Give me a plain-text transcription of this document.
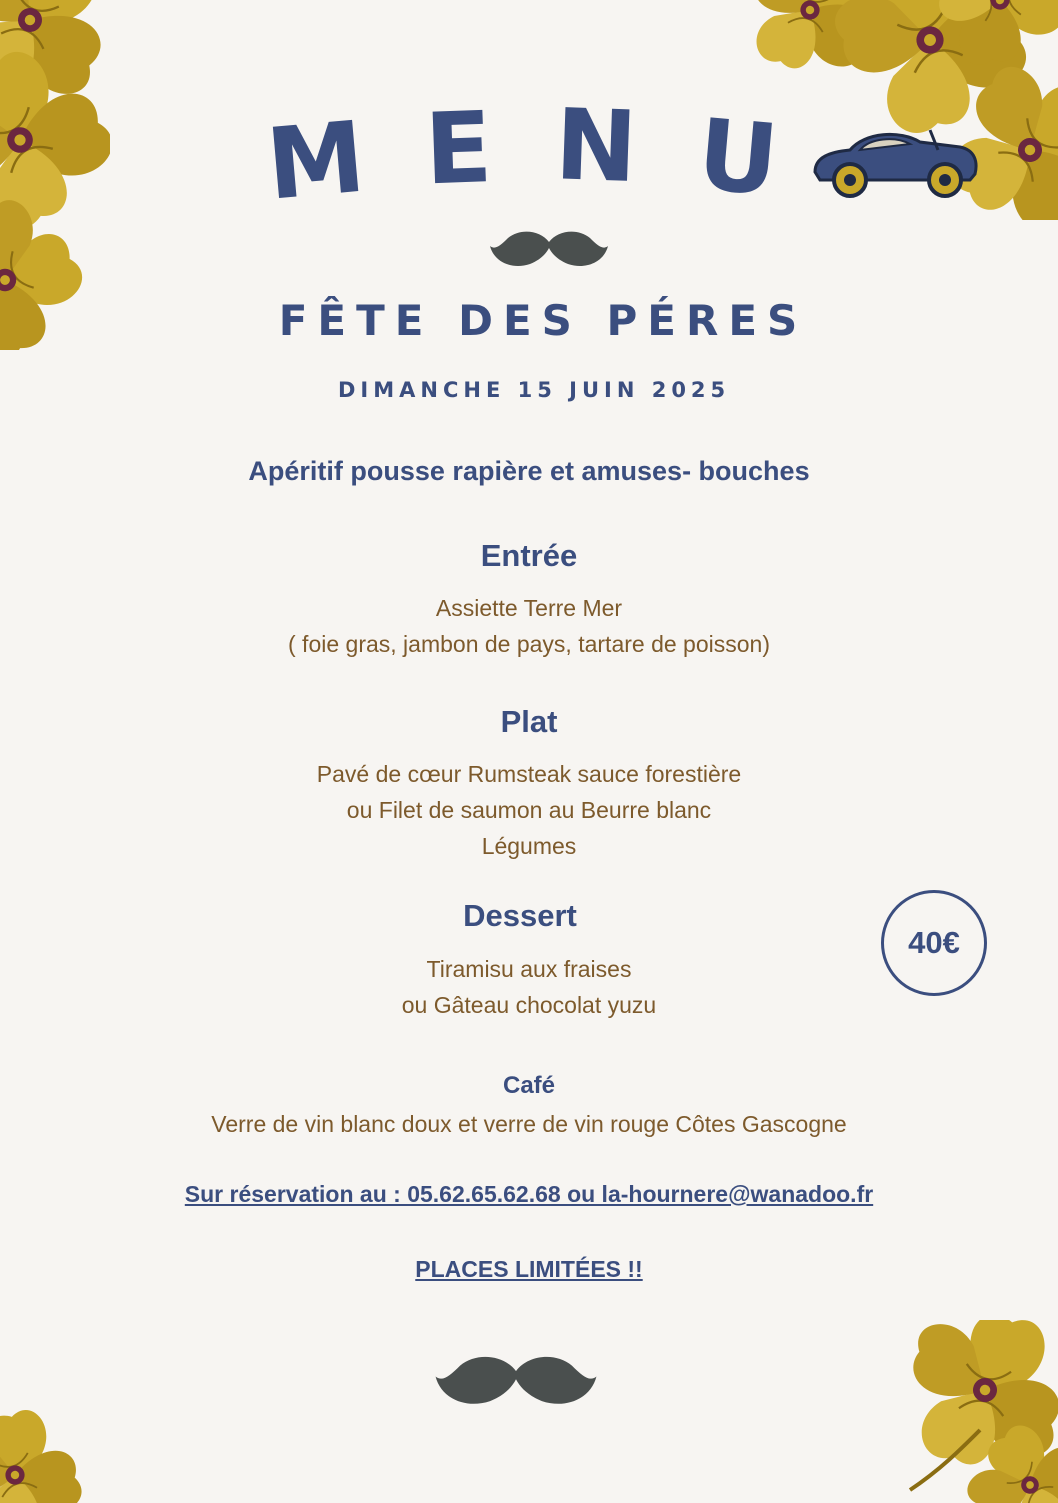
M E N U
FÊTE DES PÉRES
DIMANCHE 15 JUIN 2025
Apéritif pousse rapière et amuses- bouches
Entrée
Assiette Terre Mer
( foie gras, jambon de pays, tartare de poisson)
Plat
Pavé de cœur Rumsteak sauce forestière
ou Filet de saumon au Beurre blanc
Légumes
Dessert
Tiramisu aux fraises
ou Gâteau chocolat yuzu
40€
Café
Verre de vin blanc doux et verre de vin rouge Côtes Gascogne
Sur réservation au : 05.62.65.62.68 ou la-hournere@wanadoo.fr
PLACES LIMITÉES !!
